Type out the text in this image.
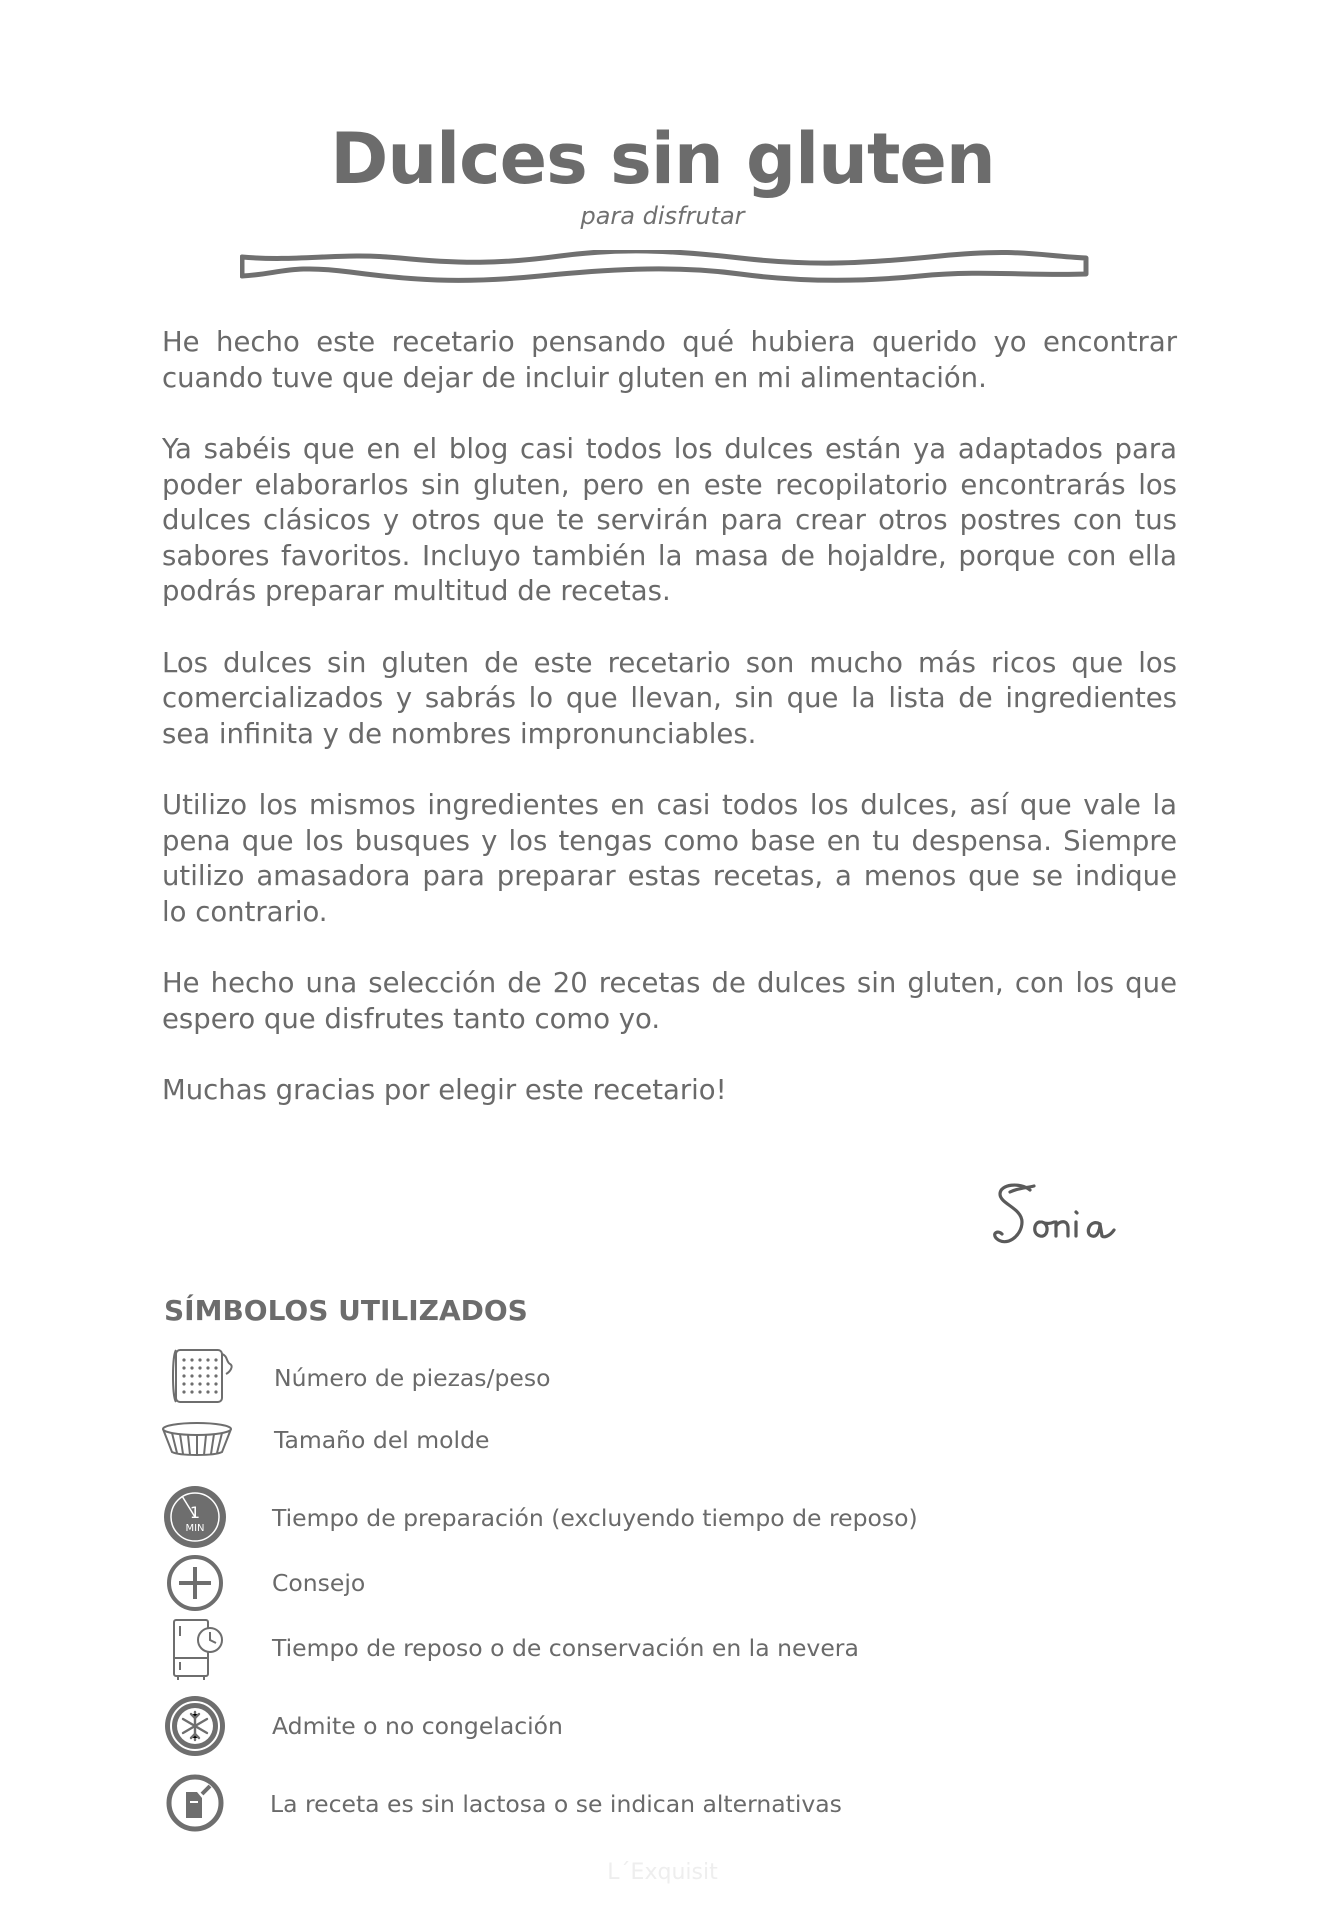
Dulces sin gluten
para disfrutar

He hecho este recetario pensando qué hubiera querido yo encontrar cuando tuve que dejar de incluir gluten en mi alimentación.

Ya sabéis que en el blog casi todos los dulces están ya adaptados para poder elaborarlos sin gluten, pero en este recopilatorio encontrarás los dulces clásicos y otros que te servirán para crear otros postres con tus sabores favoritos. Incluyo también la masa de hojaldre, porque con ella podrás preparar multitud de recetas.

Los dulces sin gluten de este recetario son mucho más ricos que los comercializados y sabrás lo que llevan, sin que la lista de ingredientes sea infinita y de nombres impronunciables.

Utilizo los mismos ingredientes en casi todos los dulces, así que vale la pena que los busques y los tengas como base en tu despensa. Siempre utilizo amasadora para preparar estas recetas, a menos que se indique lo contrario.

He hecho una selección de 20 recetas de dulces sin gluten, con los que espero que disfrutes tanto como yo.

Muchas gracias por elegir este recetario!

SÍMBOLOS UTILIZADOS
Número de piezas/peso
Tamaño del molde
1
MIN	Tiempo de preparación (excluyendo tiempo de reposo)
Consejo
Tiempo de reposo o de conservación en la nevera
Admite o no congelación
La receta es sin lactosa o se indican alternativas
L´Exquisit
